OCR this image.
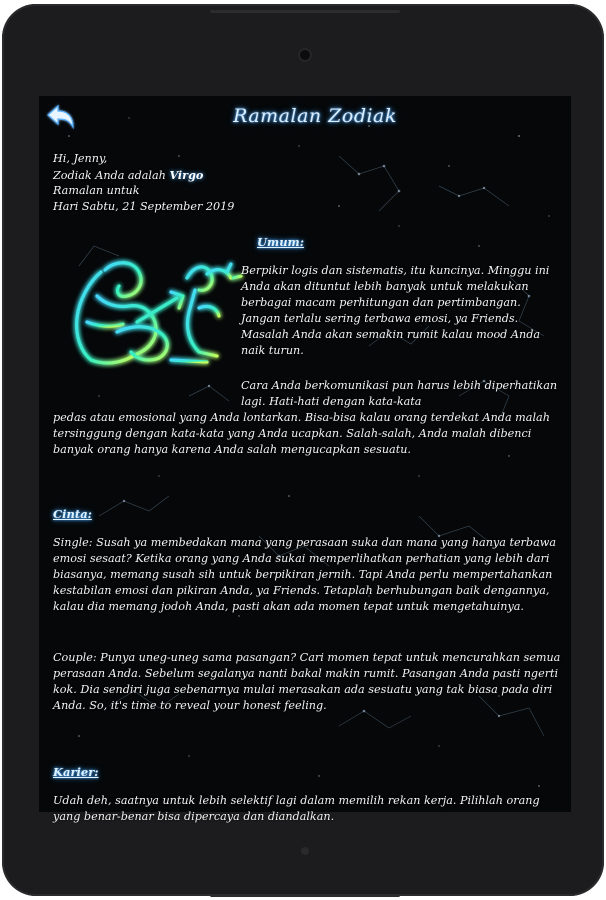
Ramalan Zodiak
Hi, Jenny,
Zodiak Anda adalah Virgo
Ramalan untuk
Hari Sabtu, 21 September 2019
Umum:
Berpikir logis dan sistematis, itu kuncinya. Minggu ini Anda akan dituntut lebih banyak untuk melakukan berbagai macam perhitungan dan pertimbangan. Jangan terlalu sering terbawa emosi, ya Friends. Masalah Anda akan semakin rumit kalau mood Anda naik turun.
Cara Anda berkomunikasi pun harus lebih diperhatikan lagi. Hati-hati dengan kata-kata
pedas atau emosional yang Anda lontarkan. Bisa-bisa kalau orang terdekat Anda malah tersinggung dengan kata-kata yang Anda ucapkan. Salah-salah, Anda malah dibenci banyak orang hanya karena Anda salah mengucapkan sesuatu.
Cinta:
Single: Susah ya membedakan mana yang perasaan suka dan mana yang hanya terbawa emosi sesaat? Ketika orang yang Anda sukai memperlihatkan perhatian yang lebih dari biasanya, memang susah sih untuk berpikiran jernih. Tapi Anda perlu mempertahankan kestabilan emosi dan pikiran Anda, ya Friends. Tetaplah berhubungan baik dengannya, kalau dia memang jodoh Anda, pasti akan ada momen tepat untuk mengetahuinya.
Couple: Punya uneg-uneg sama pasangan? Cari momen tepat untuk mencurahkan semua perasaan Anda. Sebelum segalanya nanti bakal makin rumit. Pasangan Anda pasti ngerti kok. Dia sendiri juga sebenarnya mulai merasakan ada sesuatu yang tak biasa pada diri Anda. So, it's time to reveal your honest feeling.
Karier:
Udah deh, saatnya untuk lebih selektif lagi dalam memilih rekan kerja. Pilihlah orang yang benar-benar bisa dipercaya dan diandalkan.
